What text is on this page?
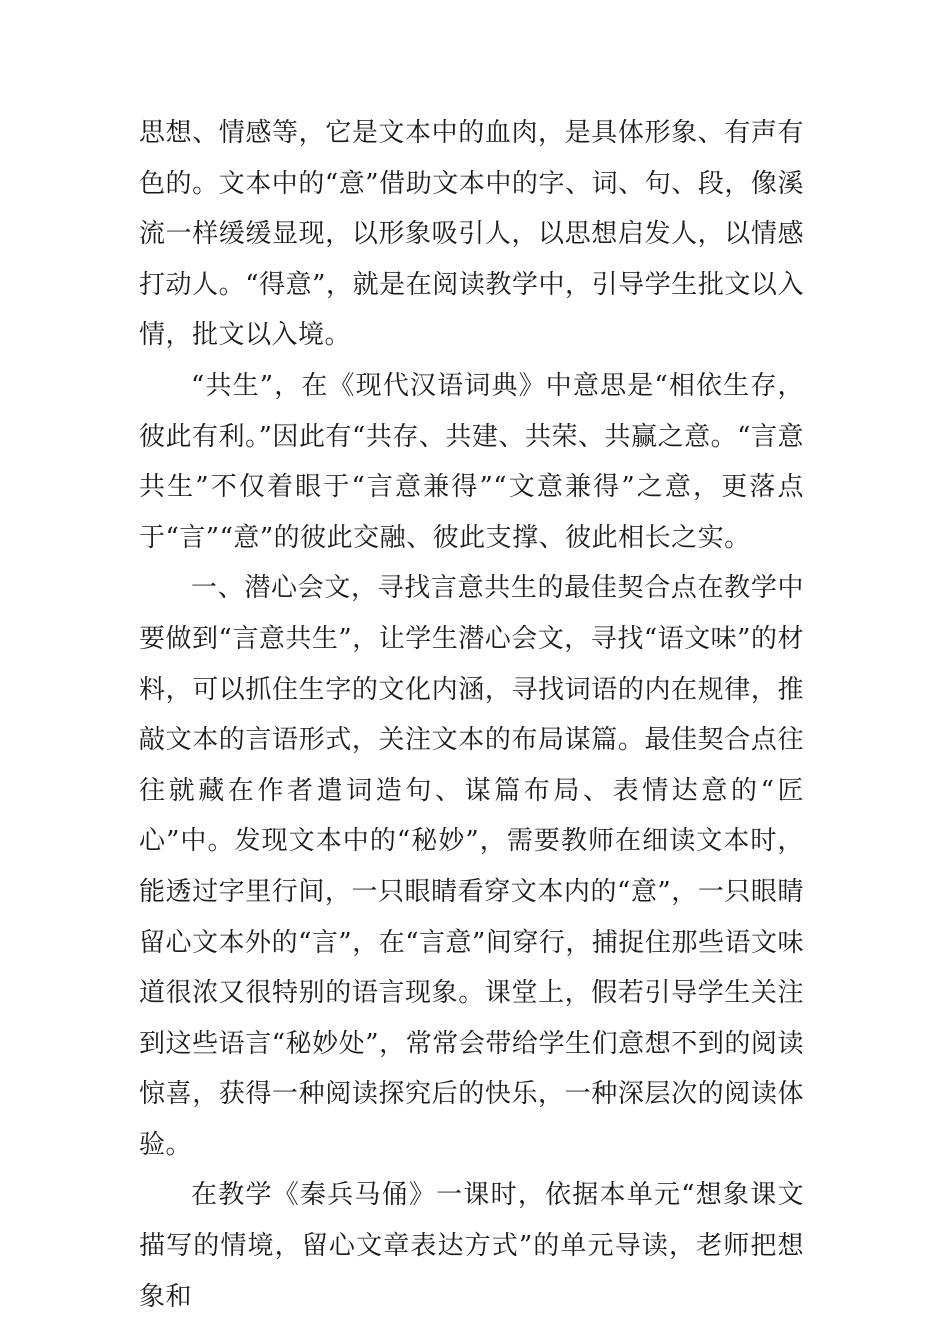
思想、情感等，它是文本中的血肉，是具体形象、有声有色的。文本中的“意”借助文本中的字、词、句、段，像溪流一样缓缓显现，以形象吸引人，以思想启发人，以情感打动人。“得意”，就是在阅读教学中，引导学生批文以入情，批文以入境。

“共生”，在《现代汉语词典》中意思是“相依生存，彼此有利。”因此有“共存、共建、共荣、共赢之意。“言意共生”不仅着眼于“言意兼得”“文意兼得”之意，更落点于“言”“意”的彼此交融、彼此支撑、彼此相长之实。

一、潜心会文，寻找言意共生的最佳契合点在教学中要做到“言意共生”，让学生潜心会文，寻找“语文味”的材料，可以抓住生字的文化内涵，寻找词语的内在规律，推敲文本的言语形式，关注文本的布局谋篇。最佳契合点往往就藏在作者遣词造句、谋篇布局、表情达意的“匠心”中。发现文本中的“秘妙”，需要教师在细读文本时，能透过字里行间，一只眼睛看穿文本内的“意”，一只眼睛留心文本外的“言”，在“言意”间穿行，捕捉住那些语文味道很浓又很特别的语言现象。课堂上，假若引导学生关注到这些语言“秘妙处”，常常会带给学生们意想不到的阅读惊喜，获得一种阅读探究后的快乐，一种深层次的阅读体验。

在教学《秦兵马俑》一课时，依据本单元“想象课文描写的情境，留心文章表达方式”的单元导读，老师把想象和
